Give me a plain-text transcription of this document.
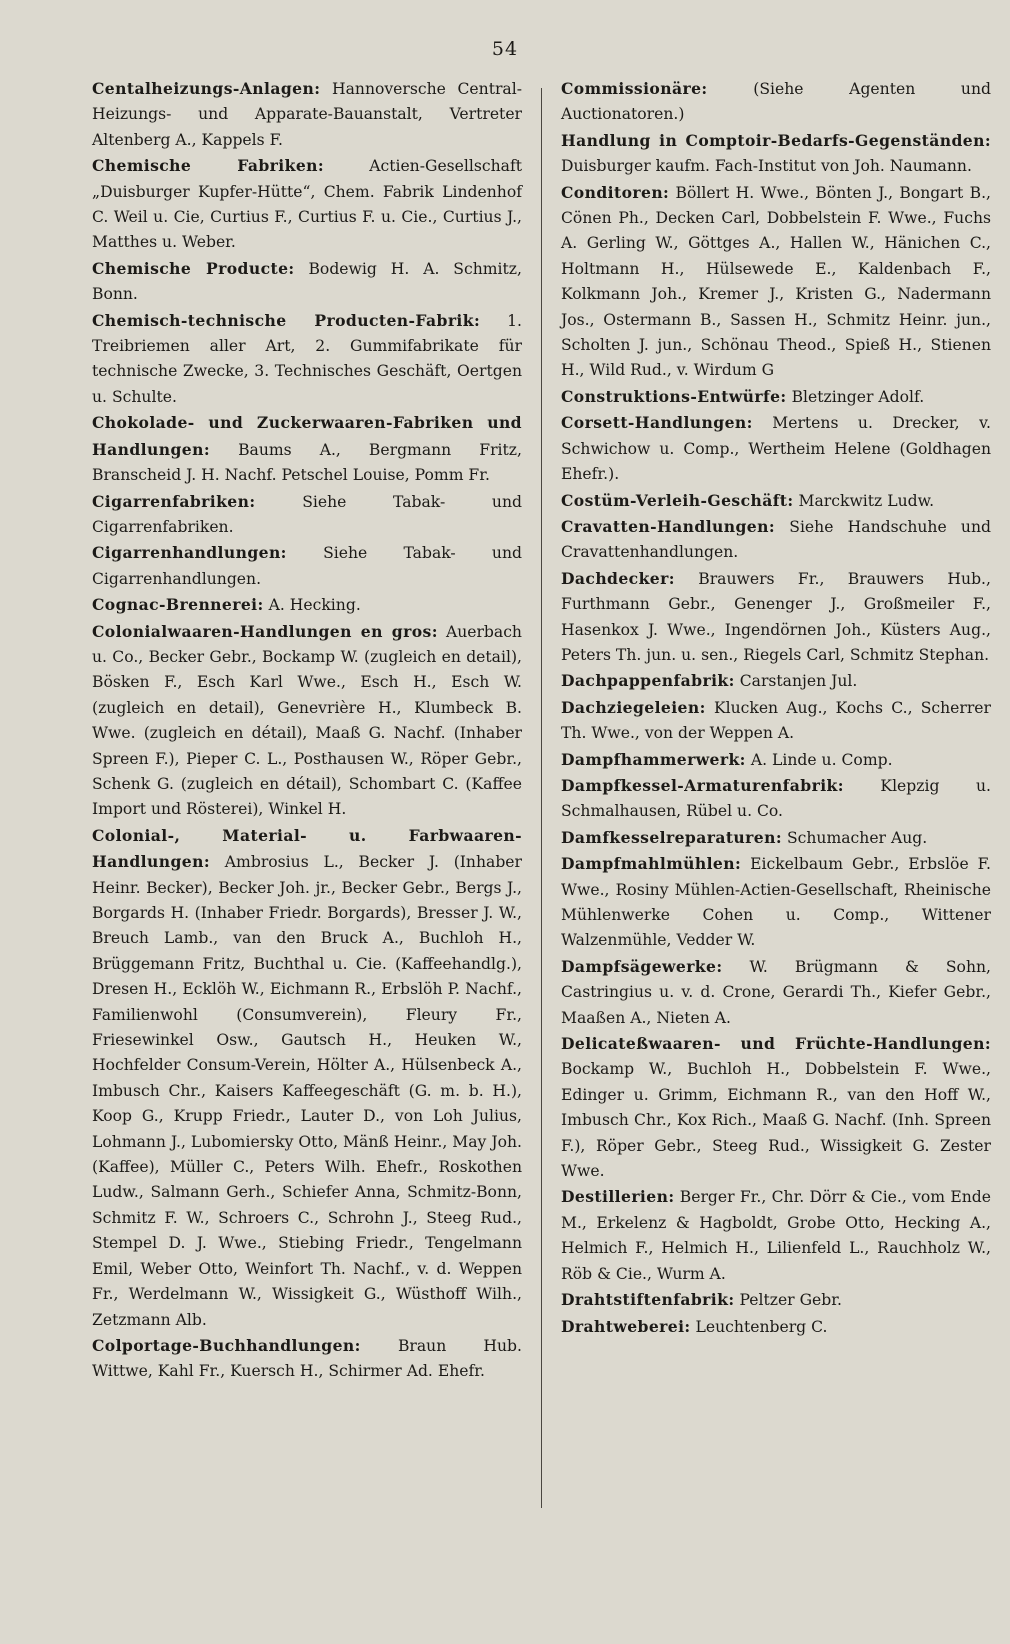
54

Centalheizungs-Anlagen: Hannoversche Central-Heizungs- und Apparate-Bauanstalt, Vertreter Altenberg A., Kappels F.

Chemische Fabriken:	Actien-Gesellschaft „Duisburger Kupfer-Hütte“, Chem. Fabrik Lindenhof C. Weil u. Cie, Curtius F., Curtius F. u. Cie., Curtius J., Matthes u. Weber.

Chemische Producte: Bodewig H. A. Schmitz, Bonn.

Chemisch-technische Producten-Fabrik: 1. Treibriemen aller Art, 2. Gummifabrikate für technische Zwecke, 3. Technisches Geschäft, Oertgen u. Schulte.

Chokolade- und Zuckerwaaren-Fabriken und Handlungen: Baums A., Bergmann Fritz, Branscheid J. H. Nachf. Petschel Louise, Pomm Fr.

Cigarrenfabriken:	Siehe Tabak- und Cigarrenfabriken.

Cigarrenhandlungen: Siehe Tabak- und Cigarrenhandlungen.

Cognac-Brennerei: A. Hecking.

Colonialwaaren-Handlungen en gros: Auerbach u. Co., Becker Gebr., Bockamp W. (zugleich en detail), Bösken F., Esch Karl Wwe., Esch H., Esch W. (zugleich en detail), Genevrière H., Klumbeck B. Wwe. (zugleich en détail), Maaß G. Nachf. (Inhaber Spreen F.), Pieper C. L., Posthausen W., Röper Gebr., Schenk G. (zugleich en détail), Schombart C. (Kaffee Import und Rösterei), Winkel H.

Colonial-, Material- u. Farbwaaren-Handlungen: Ambrosius L., Becker J. (Inhaber Heinr. Becker), Becker Joh. jr., Becker Gebr., Bergs J., Borgards H. (Inhaber Friedr. Borgards), Bresser J. W., Breuch Lamb., van den Bruck A., Buchloh H., Brüggemann Fritz, Buchthal u. Cie. (Kaffeehandlg.), Dresen H., Ecklöh W., Eichmann R., Erbslöh P. Nachf., Familienwohl (Consumverein), Fleury Fr., Friesewinkel Osw., Gautsch H., Heuken W., Hochfelder Consum-Verein, Hölter A., Hülsenbeck A., Imbusch Chr., Kaisers Kaffeegeschäft (G. m. b. H.), Koop G., Krupp Friedr., Lauter D., von Loh Julius, Lohmann J., Lubomiersky Otto, Mänß Heinr., May Joh. (Kaffee), Müller C., Peters Wilh. Ehefr., Roskothen Ludw., Salmann Gerh., Schiefer Anna, Schmitz-Bonn, Schmitz F. W., Schroers C., Schrohn J., Steeg Rud., Stempel D. J. Wwe., Stiebing Friedr., Tengelmann Emil, Weber Otto, Weinfort Th. Nachf., v. d. Weppen Fr., Werdelmann W., Wissigkeit G., Wüsthoff Wilh., Zetzmann Alb.

Colportage-Buchhandlungen: Braun Hub. Wittwe, Kahl Fr., Kuersch H., Schirmer Ad. Ehefr.

Commissionäre:	(Siehe Agenten und Auctionatoren.)

Handlung in Comptoir-Bedarfs-Gegenständen: Duisburger kaufm. Fach-Institut von Joh. Naumann.

Conditoren: Böllert H. Wwe., Bönten J., Bongart B., Cönen Ph., Decken Carl, Dobbelstein F. Wwe., Fuchs A. Gerling W., Göttges A., Hallen W., Hänichen C., Holtmann H., Hülsewede E., Kaldenbach F., Kolkmann Joh., Kremer J., Kristen G., Nadermann Jos., Ostermann B., Sassen H., Schmitz Heinr. jun., Scholten J. jun., Schönau Theod., Spieß H., Stienen H., Wild Rud., v. Wirdum G

Construktions-Entwürfe: Bletzinger Adolf.

Corsett-Handlungen: Mertens u. Drecker, v. Schwichow u. Comp., Wertheim Helene (Goldhagen Ehefr.).

Costüm-Verleih-Geschäft: Marckwitz Ludw.

Cravatten-Handlungen: Siehe Handschuhe und Cravattenhandlungen.

Dachdecker: Brauwers Fr., Brauwers Hub., Furthmann Gebr., Genenger J., Großmeiler F., Hasenkox J. Wwe., Ingendörnen Joh., Küsters Aug., Peters Th. jun. u. sen., Riegels Carl, Schmitz Stephan.

Dachpappenfabrik: Carstanjen Jul.

Dachziegeleien: Klucken Aug., Kochs C., Scherrer Th. Wwe., von der Weppen A.

Dampfhammerwerk: A. Linde u. Comp.

Dampfkessel-Armaturenfabrik: Klepzig u. Schmalhausen, Rübel u. Co.

Damfkesselreparaturen: Schumacher Aug.

Dampfmahlmühlen: Eickelbaum Gebr., Erbslöe F. Wwe., Rosiny Mühlen-Actien-Gesellschaft, Rheinische Mühlenwerke Cohen u. Comp., Wittener Walzenmühle, Vedder W.

Dampfsägewerke: W. Brügmann & Sohn, Castringius u. v. d. Crone, Gerardi Th., Kiefer Gebr., Maaßen A., Nieten A.

Delicateßwaaren- und Früchte-Handlungen: Bockamp W., Buchloh H., Dobbelstein F. Wwe., Edinger u. Grimm, Eichmann R., van den Hoff W., Imbusch Chr., Kox Rich., Maaß G. Nachf. (Inh. Spreen F.), Röper Gebr., Steeg Rud., Wissigkeit G. Zester Wwe.

Destillerien: Berger Fr., Chr. Dörr & Cie., vom Ende M., Erkelenz & Hagboldt, Grobe Otto, Hecking A., Helmich F., Helmich H., Lilienfeld L., Rauchholz W., Röb & Cie., Wurm A.

Drahtstiftenfabrik: Peltzer Gebr.

Drahtweberei: Leuchtenberg C.
